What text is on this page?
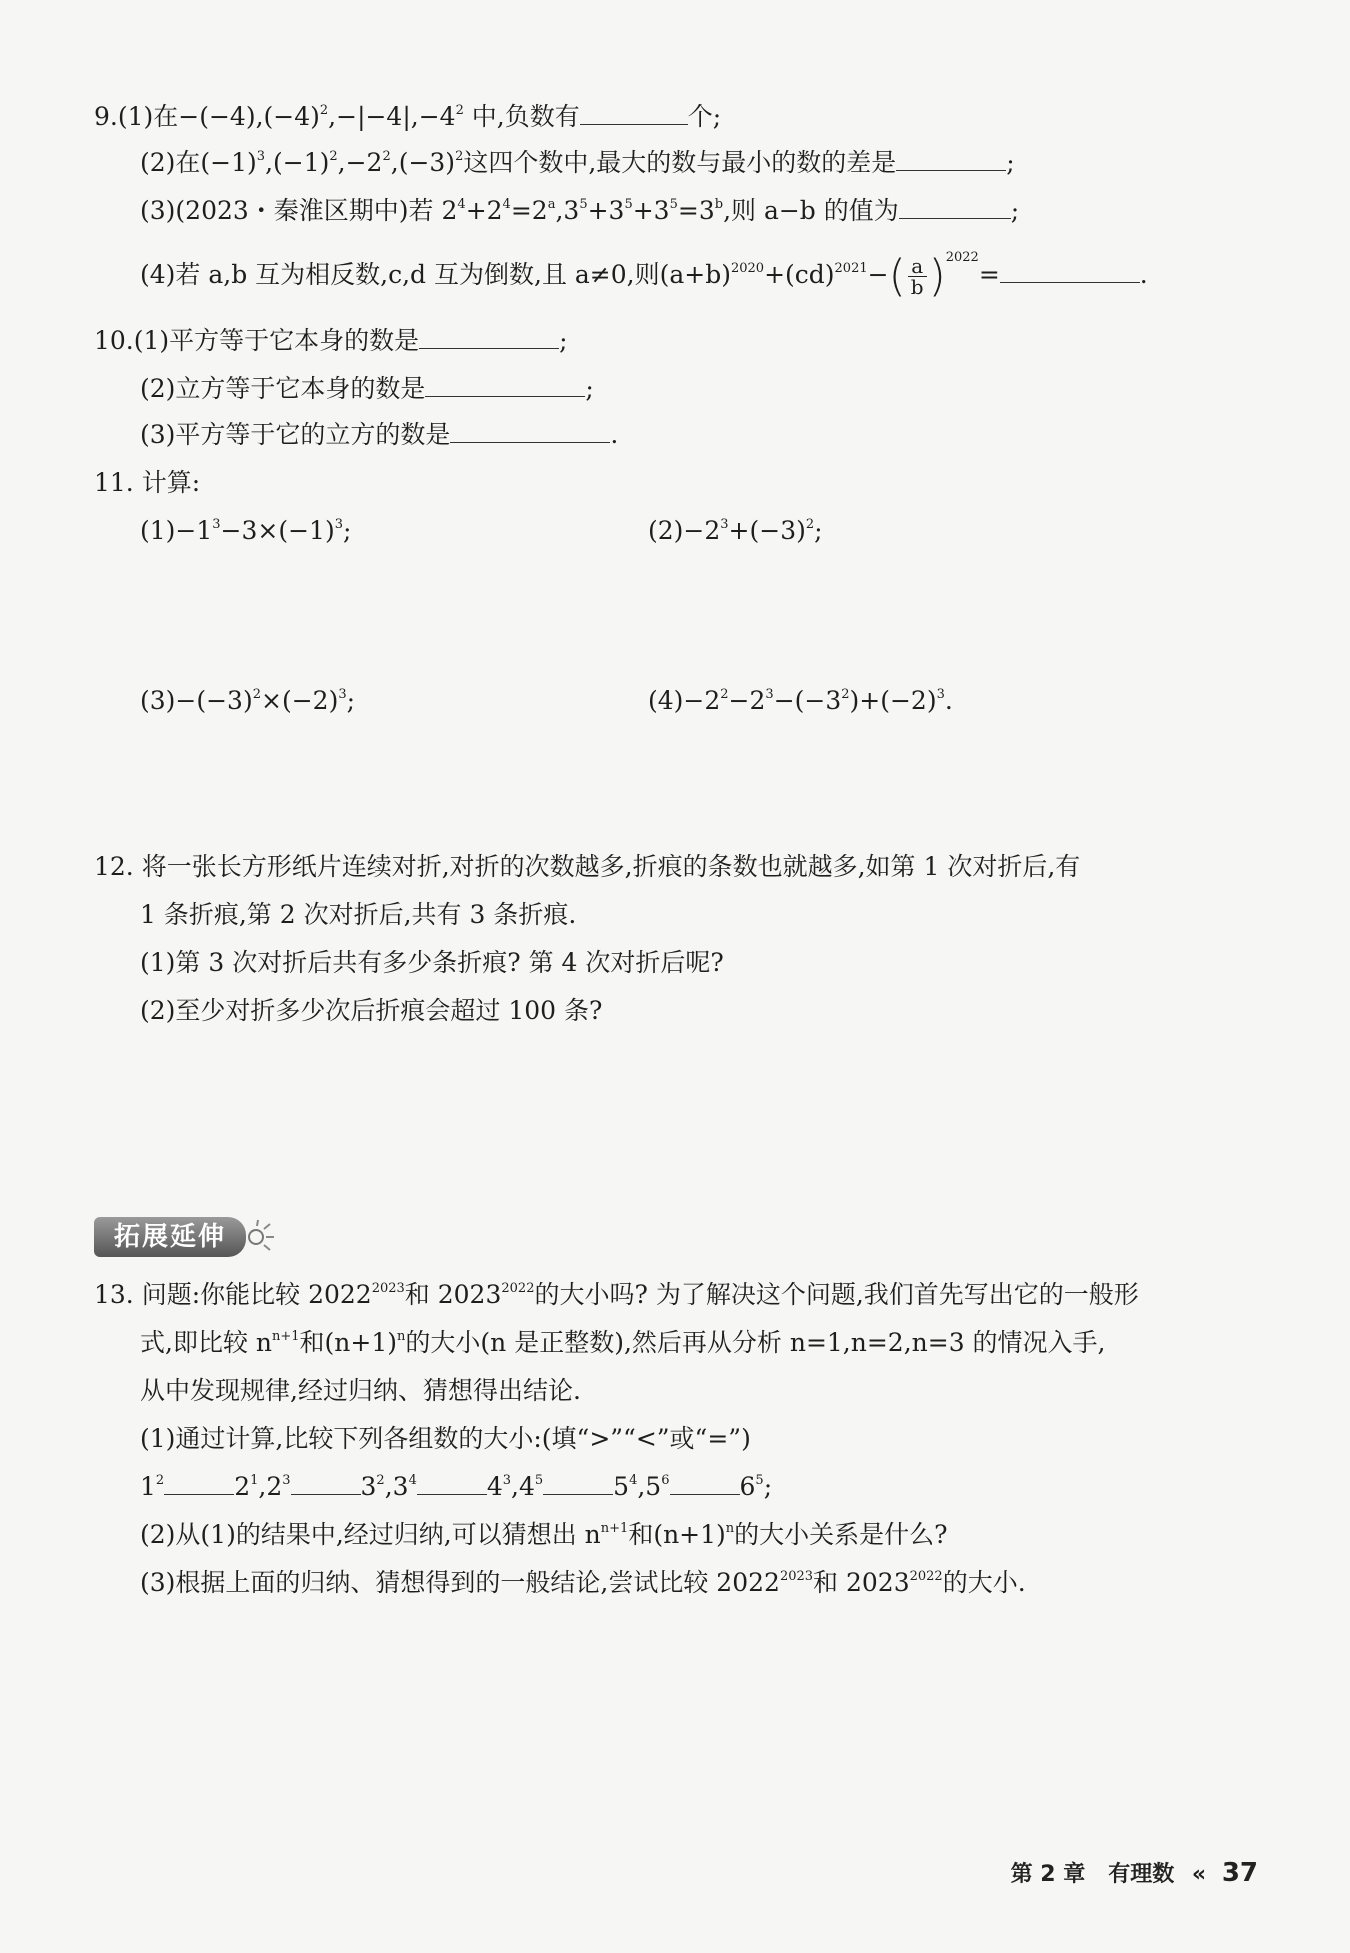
9.(1)在$-(-4),(-4)^2,-|-4|,-4^2$ 中,负数有	个;
(2)在$(-1)^3,(-1)^2,-2^2,(-3)^2$这四个数中,最大的数与最小的数的差是	;
(3)(2023・秦淮区期中)若 $2^4+2^4=2^a,3^5+3^5+3^5=3^b$,则 a−b 的值为	;
(4)若 a,b 互为相反数,c,d 互为倒数,且 a≠0,则$(a+b)^{2020}+(cd)^{2021}-( \frac{a}{b} )^{2022}=$	.
10.(1)平方等于它本身的数是	;
(2)立方等于它本身的数是	;
(3)平方等于它的立方的数是	.
11. 计算:
$(1)-1^3-3\times(-1)^3$;	$(2)-2^3+(-3)^2$;
$(3)-(-3)^2\times(-2)^3$;	$(4)-2^2-2^3-(-3^2)+(-2)^3$.
12. 将一张长方形纸片连续对折,对折的次数越多,折痕的条数也就越多,如第 1 次对折后,有
1 条折痕,第 2 次对折后,共有 3 条折痕.
(1)第 3 次对折后共有多少条折痕? 第 4 次对折后呢?
(2)至少对折多少次后折痕会超过 100 条?
拓展延伸
13. 问题:你能比较 $2022^{2023}$和 $2023^{2022}$的大小吗? 为了解决这个问题,我们首先写出它的一般形
式,即比较 $n^{n+1}$和$(n+1)^n$的大小(n 是正整数),然后再从分析 n=1,n=2,n=3 的情况入手,
从中发现规律,经过归纳、猜想得出结论.
(1)通过计算,比较下列各组数的大小:(填“>”“<”或“=”)
$1^2$	$2^1,2^3$	$3^2,3^4$	$4^3,4^5$	$5^4,5^6$	$6^5$;
(2)从(1)的结果中,经过归纳,可以猜想出 $n^{n+1}$和$(n+1)^n$的大小关系是什么?
(3)根据上面的归纳、猜想得到的一般结论,尝试比较 $2022^{2023}$和 $2023^{2022}$的大小.
第 2 章 有理数 « 37
